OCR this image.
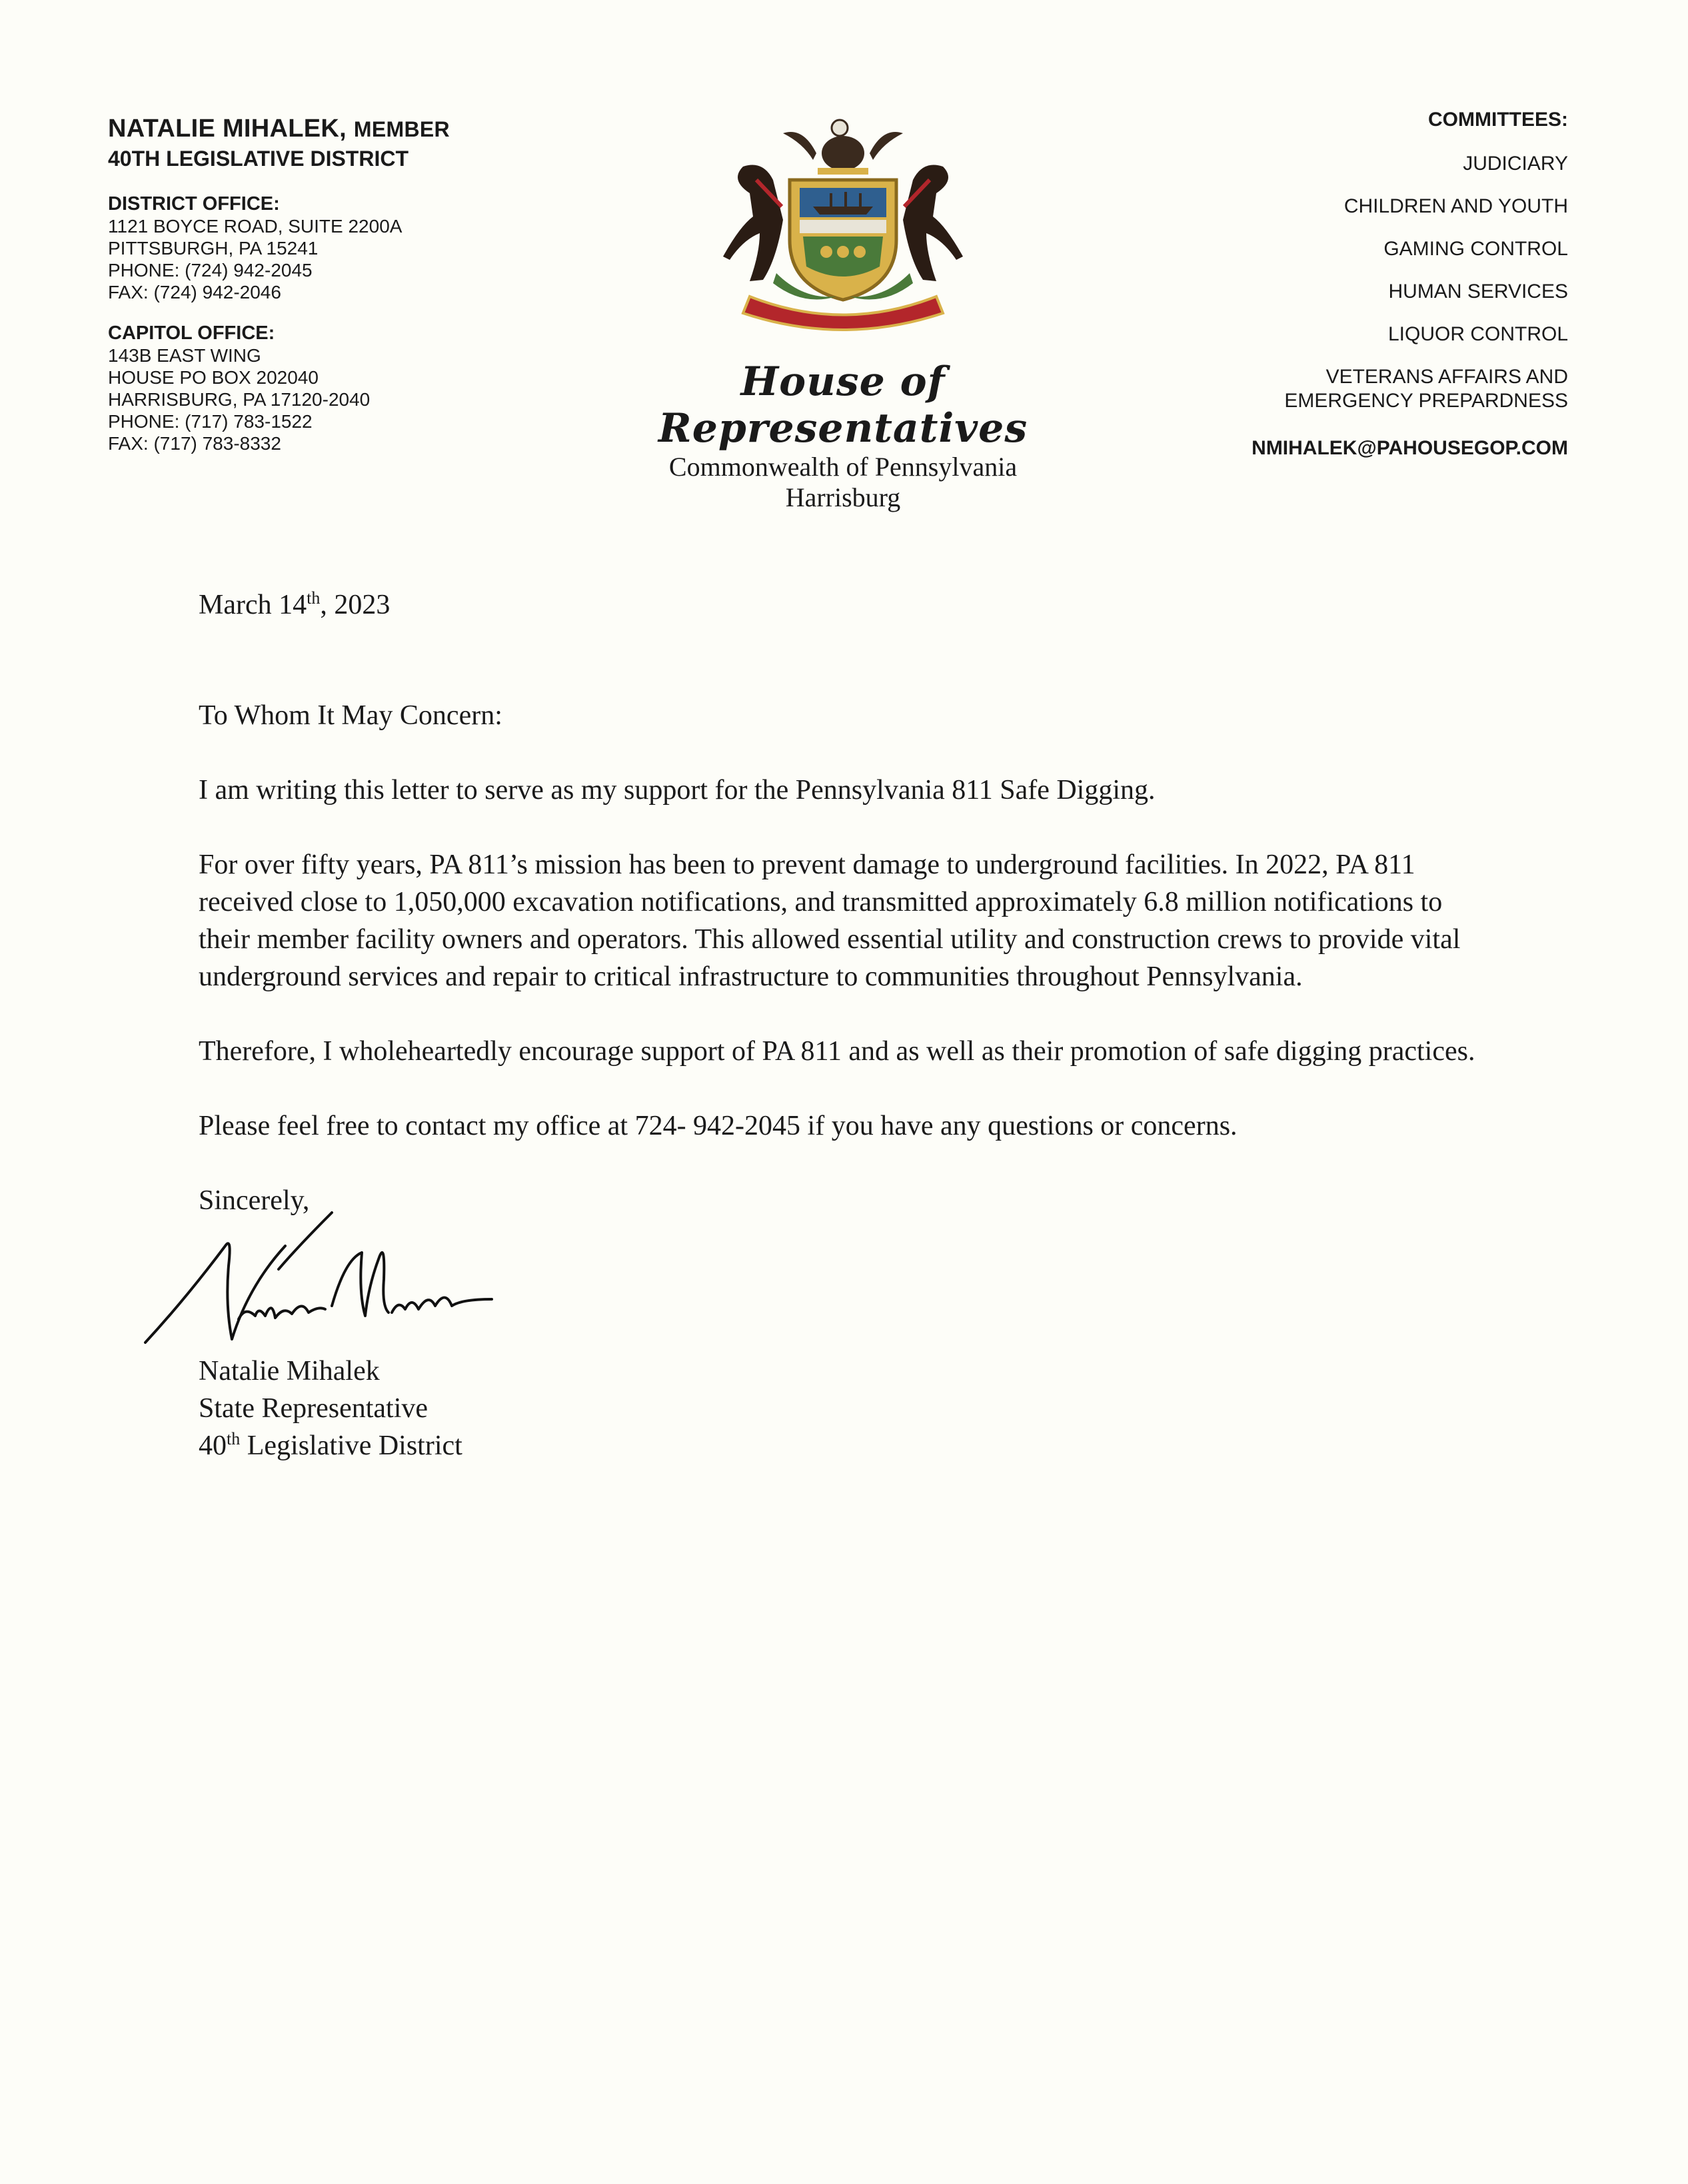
NATALIE MIHALEK, MEMBER
40TH LEGISLATIVE DISTRICT
DISTRICT OFFICE:
1121 BOYCE ROAD, SUITE 2200A
PITTSBURGH, PA 15241
PHONE: (724) 942-2045
FAX: (724) 942-2046
CAPITOL OFFICE:
143B EAST WING
HOUSE PO BOX 202040
HARRISBURG, PA 17120-2040
PHONE: (717) 783-1522
FAX: (717) 783-8332
House of Representatives
Commonwealth of Pennsylvania
Harrisburg
COMMITTEES:
JUDICIARY
CHILDREN AND YOUTH
GAMING CONTROL
HUMAN SERVICES
LIQUOR CONTROL
VETERANS AFFAIRS AND
EMERGENCY PREPARDNESS
NMIHALEK@PAHOUSEGOP.COM

March 14th, 2023

To Whom It May Concern:

I am writing this letter to serve as my support for the Pennsylvania 811 Safe Digging.

For over fifty years, PA 811’s mission has been to prevent damage to underground facilities. In 2022, PA 811 received close to 1,050,000 excavation notifications, and transmitted approximately 6.8 million notifications to their member facility owners and operators. This allowed essential utility and construction crews to provide vital underground services and repair to critical infrastructure to communities throughout Pennsylvania.

Therefore, I wholeheartedly encourage support of PA 811 and as well as their promotion of safe digging practices.

Please feel free to contact my office at 724- 942-2045 if you have any questions or concerns.

Sincerely,

Natalie Mihalek
State Representative
40th Legislative District
